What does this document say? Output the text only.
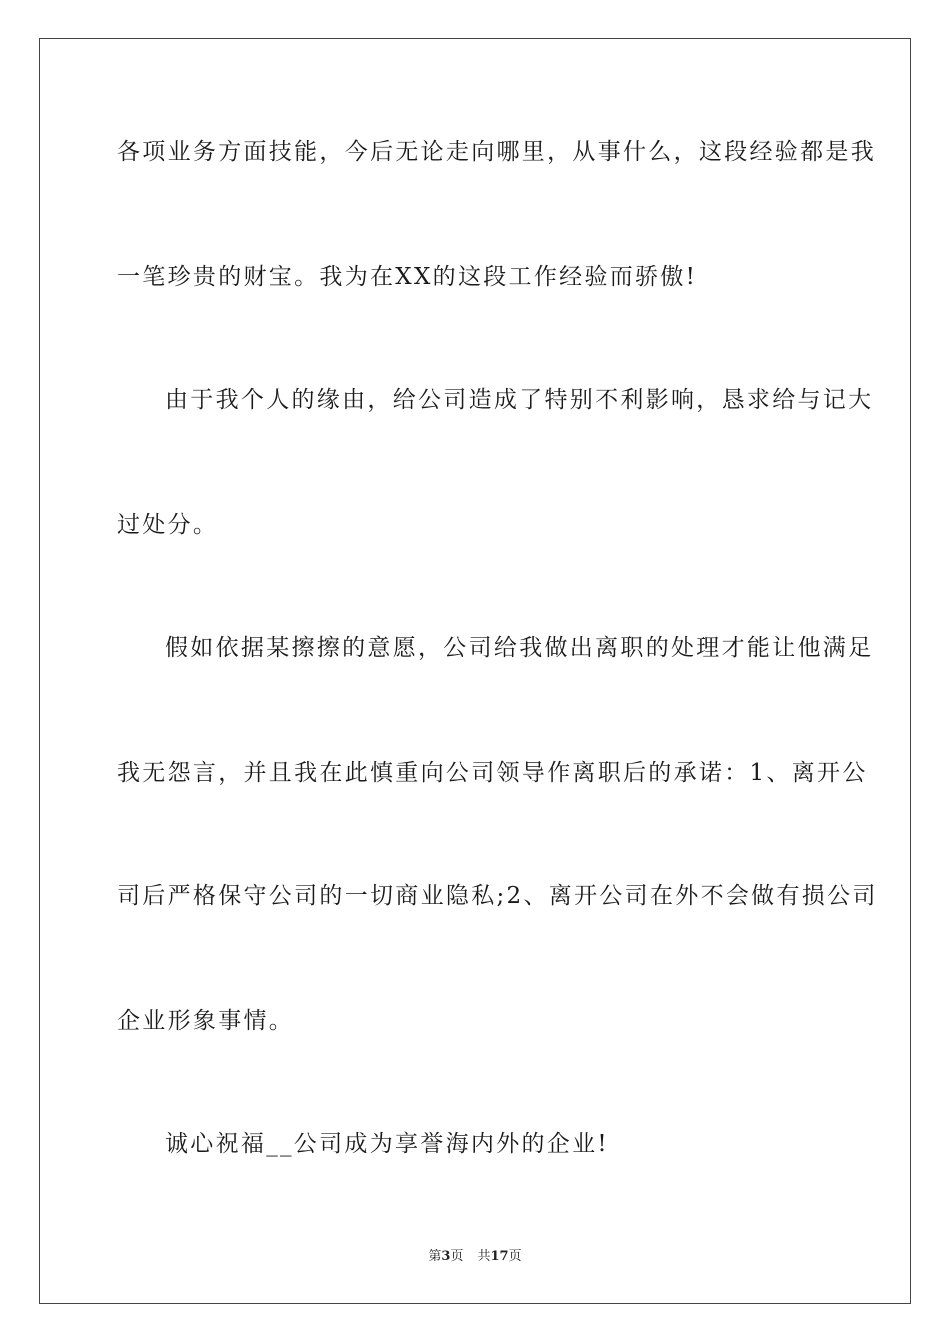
各项业务方面技能，今后无论走向哪里，从事什么，这段经验都是我
一笔珍贵的财宝。我为在XX的这段工作经验而骄傲!
由于我个人的缘由，给公司造成了特别不利影响，恳求给与记大
过处分。
假如依据某擦擦的意愿，公司给我做出离职的处理才能让他满足
我无怨言，并且我在此慎重向公司领导作离职后的承诺：1、离开公
司后严格保守公司的一切商业隐私;2、离开公司在外不会做有损公司
企业形象事情。
诚心祝福__公司成为享誉海内外的企业!
第3页 共17页
